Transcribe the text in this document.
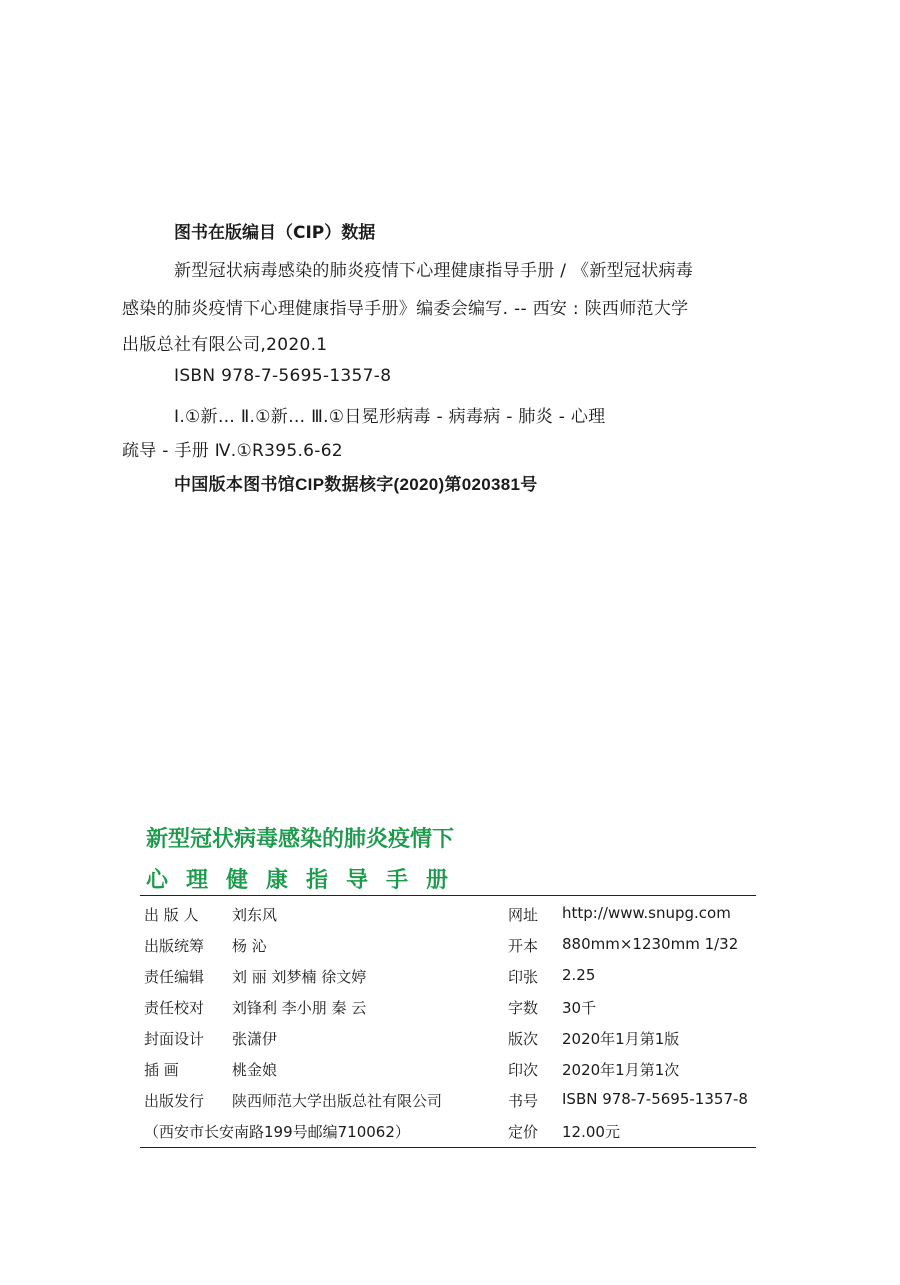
图书在版编目（CIP）数据
新型冠状病毒感染的肺炎疫情下心理健康指导手册 / 《新型冠状病毒
感染的肺炎疫情下心理健康指导手册》编委会编写. -- 西安 : 陕西师范大学
出版总社有限公司,2020.1
ISBN 978-7-5695-1357-8
Ⅰ.①新… Ⅱ.①新… Ⅲ.①日冕形病毒 - 病毒病 - 肺炎 - 心理
疏导 - 手册 Ⅳ.①R395.6-62
中国版本图书馆CIP数据核字(2020)第020381号
新型冠状病毒感染的肺炎疫情下
心理健康指导手册
出 版 人 刘东风	网址 http://www.snupg.com
出版统筹 杨 沁	开本 880mm×1230mm 1/32
责任编辑 刘 丽 刘梦楠 徐文婷	印张 2.25
责任校对 刘锋利 李小朋 秦 云	字数 30千
封面设计 张潇伊	版次 2020年1月第1版
插 画	桃金娘	印次 2020年1月第1次
出版发行 陕西师范大学出版总社有限公司	书号 ISBN 978-7-5695-1357-8
（西安市长安南路199号邮编710062）	定价 12.00元
